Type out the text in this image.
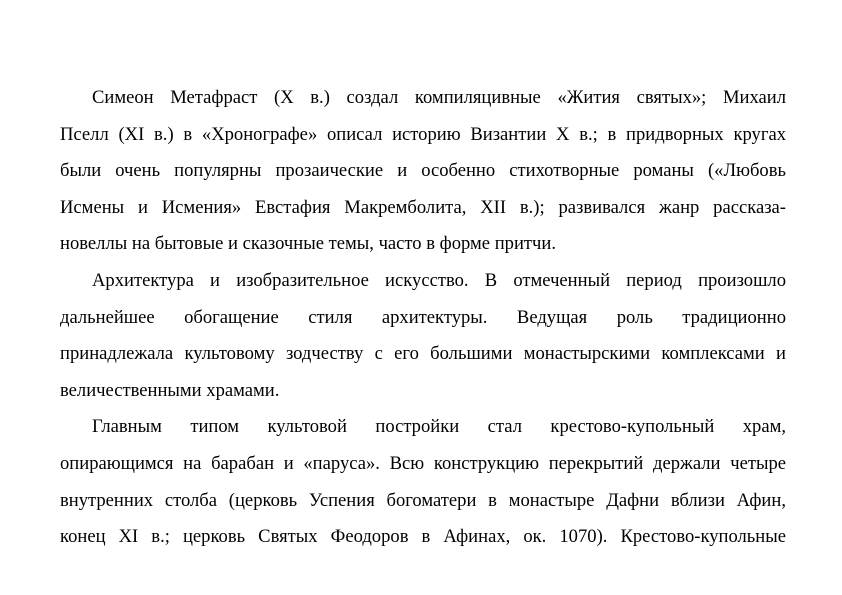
Симеон Метафраст (X в.) создал компиляцивные «Жития святых»; Михаил
Пселл (XI в.) в «Хронографе» описал историю Византии X в.; в придворных кругах
были очень популярны прозаические и особенно стихотворные романы («Любовь
Исмены и Исмения» Евстафия Макремболита, XII в.); развивался жанр рассказа-
новеллы на бытовые и сказочные темы, часто в форме притчи.
Архитектура и изобразительное искусство. В отмеченный период произошло
дальнейшее обогащение стиля архитектуры. Ведущая роль традиционно
принадлежала культовому зодчеству с его большими монастырскими комплексами и
величественными храмами.
Главным типом культовой постройки стал крестово-купольный храм,
опирающимся на барабан и «паруса». Всю конструкцию перекрытий держали четыре
внутренних столба (церковь Успения богоматери в монастыре Дафни вблизи Афин,
конец XI в.; церковь Святых Феодоров в Афинах, ок. 1070). Крестово-купольные
